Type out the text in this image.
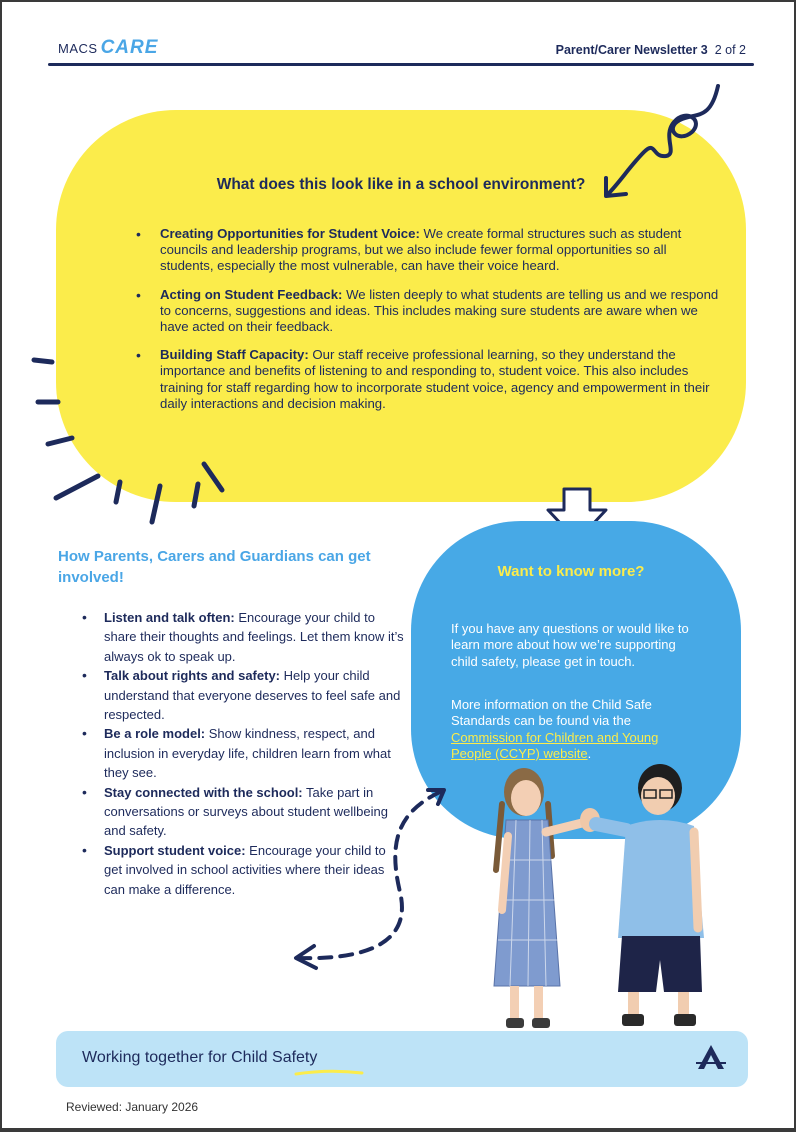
MACS CARE	Parent/Carer Newsletter 3 2 of 2
What does this look like in a school environment?
• Creating Opportunities for Student Voice: We create formal structures such as student councils and leadership programs, but we also include fewer formal opportunities so all students, especially the most vulnerable, can have their voice heard.
• Acting on Student Feedback: We listen deeply to what students are telling us and we respond to concerns, suggestions and ideas. This includes making sure students are aware when we have acted on their feedback.
• Building Staff Capacity: Our staff receive professional learning, so they understand the importance and benefits of listening to and responding to, student voice. This also includes training for staff regarding how to incorporate student voice, agency and empowerment in their daily interactions and decision making.
How Parents, Carers and Guardians can get involved!
• Listen and talk often: Encourage your child to share their thoughts and feelings. Let them know it’s always ok to speak up.
• Talk about rights and safety: Help your child understand that everyone deserves to feel safe and respected.
• Be a role model: Show kindness, respect, and inclusion in everyday life, children learn from what they see.
• Stay connected with the school: Take part in conversations or surveys about student wellbeing and safety.
• Support student voice: Encourage your child to get involved in school activities where their ideas can make a difference.
Want to know more?

If you have any questions or would like to learn more about how we’re supporting child safety, please get in touch.

More information on the Child Safe Standards can be found via the Commission for Children and Young People (CCYP) website.

Working together for Child Safety
Reviewed: January 2026
